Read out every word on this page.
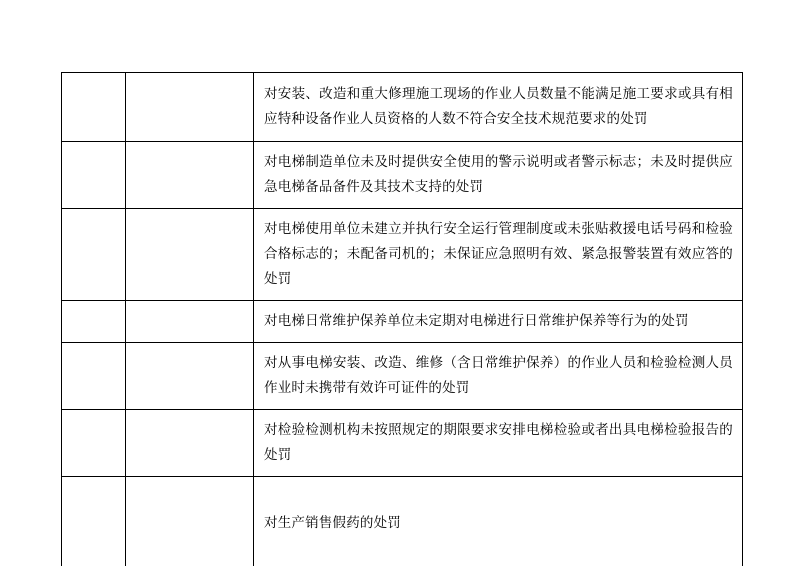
		对安装、改造和重大修理施工现场的作业人员数量不能满足施工要求或具有相应特种设备作业人员资格的人数不符合安全技术规范要求的处罚

		对电梯制造单位未及时提供安全使用的警示说明或者警示标志；未及时提供应急电梯备品备件及其技术支持的处罚

		对电梯使用单位未建立并执行安全运行管理制度或未张贴救援电话号码和检验合格标志的；未配备司机的；未保证应急照明有效、紧急报警装置有效应答的处罚

		对电梯日常维护保养单位未定期对电梯进行日常维护保养等行为的处罚

		对从事电梯安装、改造、维修（含日常维护保养）的作业人员和检验检测人员作业时未携带有效许可证件的处罚

		对检验检测机构未按照规定的期限要求安排电梯检验或者出具电梯检验报告的处罚

		对生产销售假药的处罚
